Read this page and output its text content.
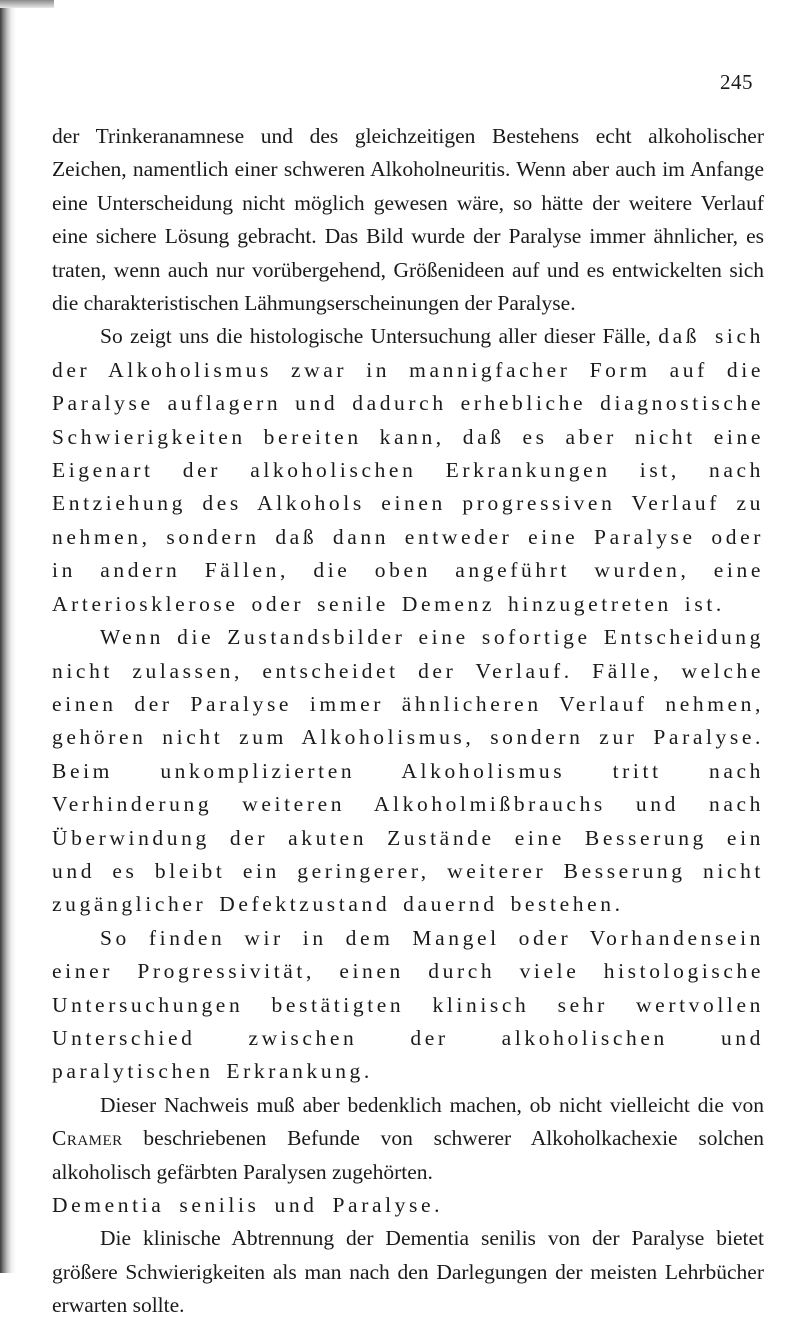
245

der Trinkeranamnese und des gleichzeitigen Bestehens echt alkoholischer Zeichen, namentlich einer schweren Alkoholneuritis. Wenn aber auch im Anfange eine Unterscheidung nicht möglich gewesen wäre, so hätte der weitere Verlauf eine sichere Lösung gebracht. Das Bild wurde der Paralyse immer ähnlicher, es traten, wenn auch nur vorübergehend, Größenideen auf und es entwickelten sich die charakteristischen Lähmungserscheinungen der Paralyse.

So zeigt uns die histologische Untersuchung aller dieser Fälle, daß sich der Alkoholismus zwar in mannigfacher Form auf die Paralyse auflagern und dadurch erhebliche diagnostische Schwierigkeiten bereiten kann, daß es aber nicht eine Eigenart der alkoholischen Erkrankungen ist, nach Entziehung des Alkohols einen progressiven Verlauf zu nehmen, sondern daß dann entweder eine Paralyse oder in andern Fällen, die oben angeführt wurden, eine Arteriosklerose oder senile Demenz hinzugetreten ist.

Wenn die Zustandsbilder eine sofortige Entscheidung nicht zulassen, entscheidet der Verlauf. Fälle, welche einen der Paralyse immer ähnlicheren Verlauf nehmen, gehören nicht zum Alkoholismus, sondern zur Paralyse. Beim unkomplizierten Alkoholismus tritt nach Verhinderung weiteren Alkoholmißbrauchs und nach Überwindung der akuten Zustände eine Besserung ein und es bleibt ein geringerer, weiterer Besserung nicht zugänglicher Defektzustand dauernd bestehen.

So finden wir in dem Mangel oder Vorhandensein einer Progressivität, einen durch viele histologische Untersuchungen bestätigten klinisch sehr wertvollen Unterschied zwischen der alkoholischen und paralytischen Erkrankung.

Dieser Nachweis muß aber bedenklich machen, ob nicht vielleicht die von Cramer beschriebenen Befunde von schwerer Alkoholkachexie solchen alkoholisch gefärbten Paralysen zugehörten.

Dementia senilis und Paralyse.

Die klinische Abtrennung der Dementia senilis von der Paralyse bietet größere Schwierigkeiten als man nach den Darlegungen der meisten Lehrbücher erwarten sollte.
